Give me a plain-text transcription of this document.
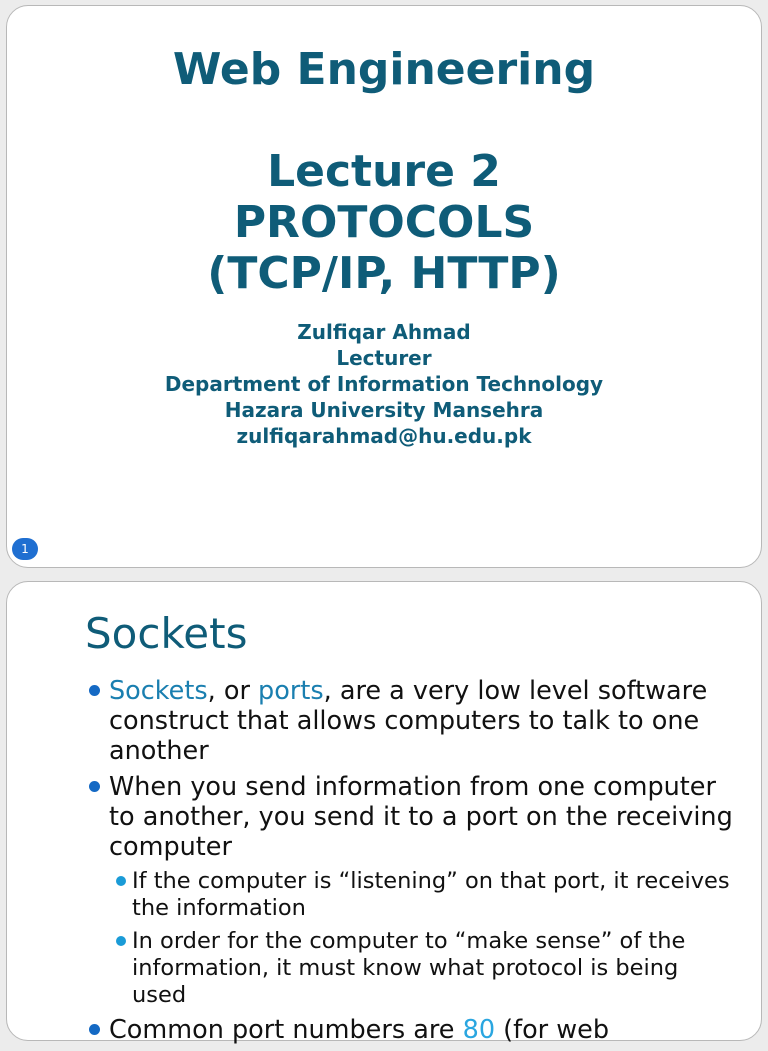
Web Engineering
Lecture 2
PROTOCOLS
(TCP/IP, HTTP)
Zulfiqar Ahmad
Lecturer
Department of Information Technology
Hazara University Mansehra
zulfiqarahmad@hu.edu.pk
1
Sockets
Sockets, or ports, are a very low level software construct that allows computers to talk to one another
When you send information from one computer to another, you send it to a port on the receiving computer
If the computer is “listening” on that port, it receives the information
In order for the computer to “make sense” of the information, it must know what protocol is being used
Common port numbers are 80 (for web
